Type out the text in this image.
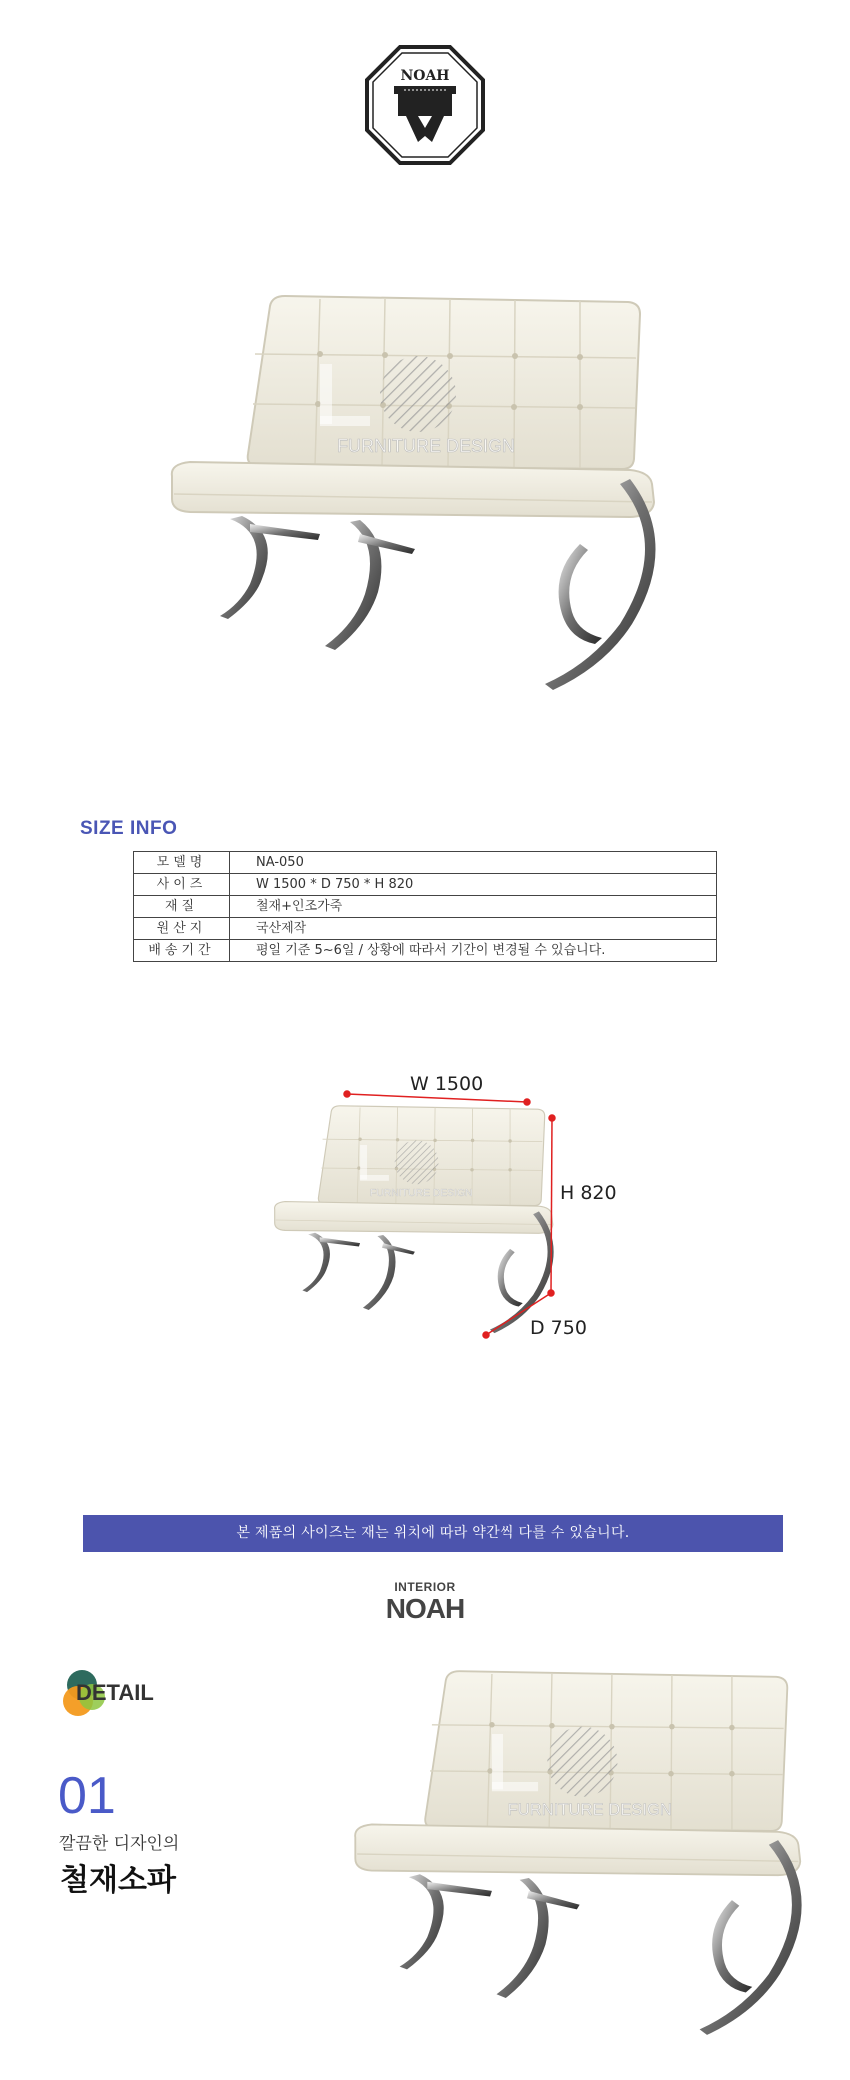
NOAH
FURNITURE DESIGN
SIZE INFO
모델명	NA-050
사이즈	W 1500 * D 750 * H 820
재질	철재+인조가죽
원산지	국산제작
배송기간	평일 기준 5~6일 / 상황에 따라서 기간이 변경될 수 있습니다.
FURNITURE DESIGN
W 1500
H 820
D 750
본 제품의 사이즈는 재는 위치에 따라 약간씩 다를 수 있습니다.
INTERIOR
NOAH
DETAIL
01
깔끔한 디자인의
철재소파
FURNITURE DESIGN
